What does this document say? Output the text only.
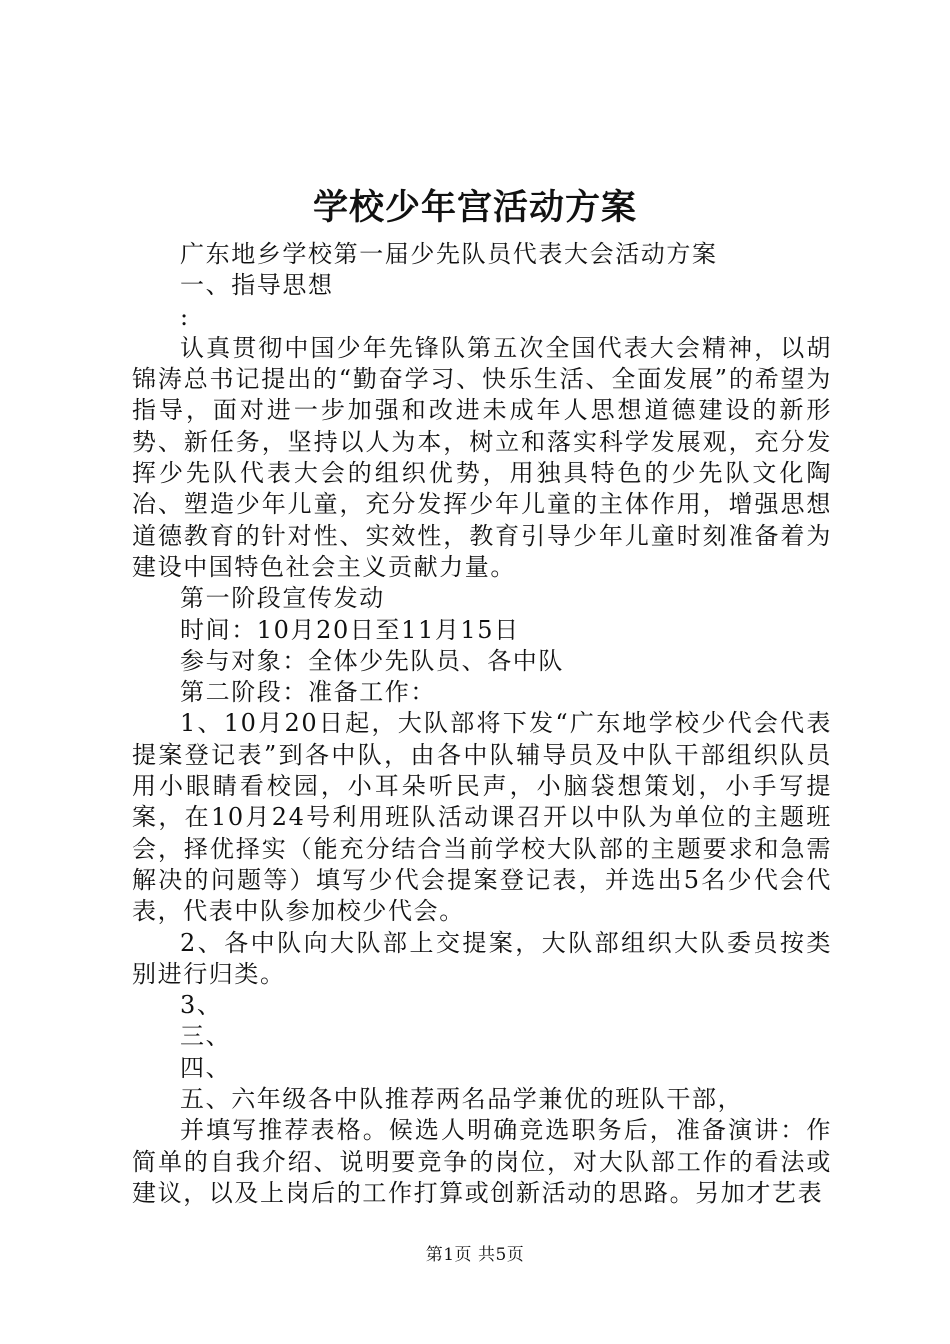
学校少年宫活动方案

广东地乡学校第一届少先队员代表大会活动方案

一、指导思想

:

认真贯彻中国少年先锋队第五次全国代表大会精神，以胡锦涛总书记提出的“勤奋学习、快乐生活、全面发展”的希望为指导，面对进一步加强和改进未成年人思想道德建设的新形势、新任务，坚持以人为本，树立和落实科学发展观，充分发挥少先队代表大会的组织优势，用独具特色的少先队文化陶冶、塑造少年儿童，充分发挥少年儿童的主体作用，增强思想道德教育的针对性、实效性，教育引导少年儿童时刻准备着为建设中国特色社会主义贡献力量。

第一阶段宣传发动

时间：10月20日至11月15日

参与对象：全体少先队员、各中队

第二阶段：准备工作：

1、10月20日起，大队部将下发“广东地学校少代会代表提案登记表”到各中队，由各中队辅导员及中队干部组织队员用小眼睛看校园，小耳朵听民声，小脑袋想策划，小手写提案，在10月24号利用班队活动课召开以中队为单位的主题班会，择优择实（能充分结合当前学校大队部的主题要求和急需解决的问题等）填写少代会提案登记表，并选出5名少代会代表，代表中队参加校少代会。

2、各中队向大队部上交提案，大队部组织大队委员按类别进行归类。

3、

三、

四、

五、六年级各中队推荐两名品学兼优的班队干部，

并填写推荐表格。候选人明确竞选职务后，准备演讲：作简单的自我介绍、说明要竞争的岗位，对大队部工作的看法或建议，以及上岗后的工作打算或创新活动的思路。另加才艺表

第1页 共5页
